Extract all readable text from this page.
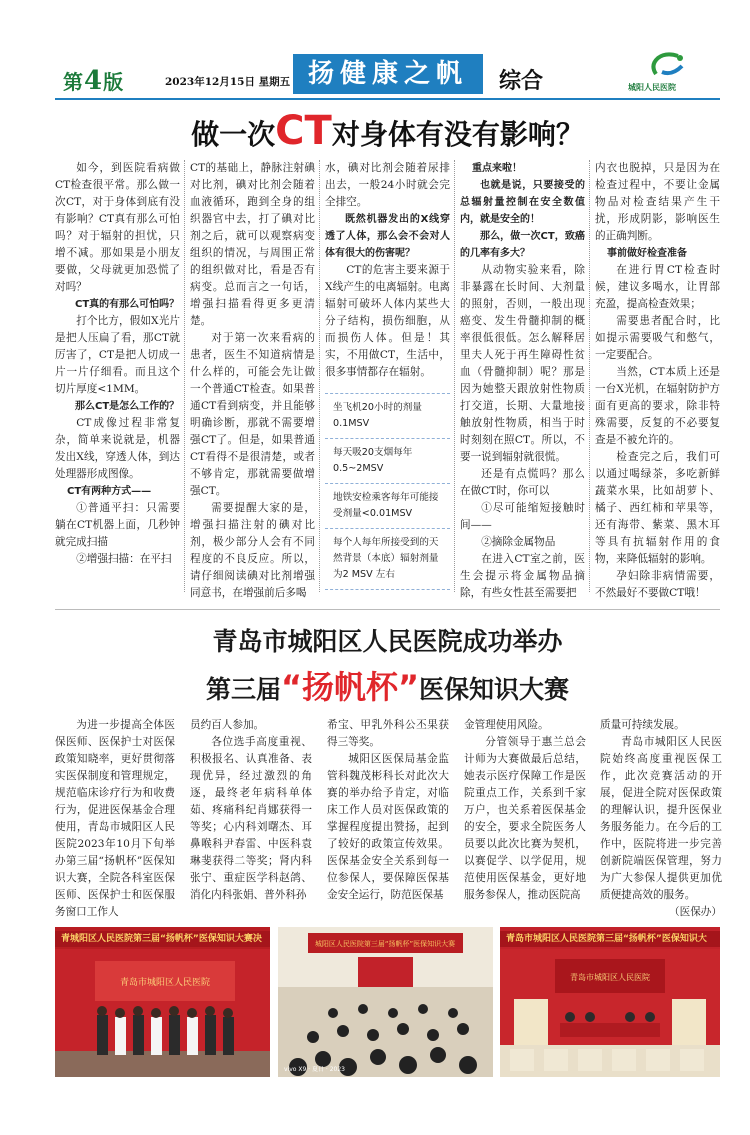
第4版	2023年12月15日 星期五 扬健康之帆	综合	城阳人民医院
做一次CT对身体有没有影响？

如今，到医院看病做CT检查很平常。那么做一次CT，对于身体到底有没有影响？CT真有那么可怕吗？对于辐射的担忧，只增不减。那如果是小朋友要做，父母就更加恐慌了对吗？

CT真的有那么可怕吗？

打个比方，假如X光片是把人压扁了看，那CT就厉害了，CT是把人切成一片一片仔细看。而且这个切片厚度<1MM。

那么CT是怎么工作的？

CT成像过程非常复杂，简单来说就是，机器发出X线，穿透人体，到达处理器形成图像。

CT有两种方式——

①普通平扫：只需要躺在CT机器上面，几秒钟就完成扫描

②增强扫描：在平扫

CT的基础上，静脉注射碘对比剂，碘对比剂会随着血液循环，跑到全身的组织器官中去，打了碘对比剂之后，就可以观察病变组织的情况，与周围正常的组织做对比，看是否有病变。总而言之一句话，增强扫描看得更多更清楚。

对于第一次来看病的患者，医生不知道病情是什么样的，可能会先让做一个普通CT检查。如果普通CT看到病变，并且能够明确诊断，那就不需要增强CT了。但是，如果普通CT看得不是很清楚，或者不够肯定，那就需要做增强CT。

需要提醒大家的是，增强扫描注射的碘对比剂，极少部分人会有不同程度的不良反应。所以，请仔细阅读碘对比剂增强同意书，在增强前后多喝

水，碘对比剂会随着尿排出去，一般24小时就会完全排空。

既然机器发出的X线穿透了人体，那么会不会对人体有很大的伤害呢？

CT的危害主要来源于X线产生的电离辐射。电离辐射可破坏人体内某些大分子结构，损伤细胞，从而损伤人体。但是！其实，不用做CT，生活中，很多事情都存在辐射。

坐飞机20小时的剂量0.1MSV
每天吸20支烟每年0.5~2MSV
地铁安检乘客每年可能接受剂量<0.01MSV
每个人每年所接受到的天然背景（本底）辐射剂量为2 MSV 左右

重点来啦！

也就是说，只要接受的总辐射量控制在安全数值内，就是安全的！

那么，做一次CT，致癌的几率有多大？

从动物实验来看，除非暴露在长时间、大剂量的照射，否则，一般出现癌变、发生骨髓抑制的概率很低很低。怎么解释居里夫人死于再生障碍性贫血（骨髓抑制）呢？那是因为她整天跟放射性物质打交道，长期、大量地接触放射性物质，相当于时时刻刻在照CT。所以，不要一说到辐射就很慌。

还是有点慌吗？那么在做CT时，你可以

①尽可能缩短接触时间——

②摘除金属物品

在进入CT室之前，医生会提示将金属物品摘除，有些女性甚至需要把

内衣也脱掉，只是因为在检查过程中，不要让金属物品对检查结果产生干扰，形成阴影，影响医生的正确判断。

事前做好检查准备

在进行胃CT检查时候，建议多喝水，让胃部充盈，提高检查效果；

需要患者配合时，比如提示需要吸气和憋气，一定要配合。

当然，CT本质上还是一台X光机，在辐射防护方面有更高的要求，除非特殊需要，反复的不必要复查是不被允许的。

检查完之后，我们可以通过喝绿茶，多吃新鲜蔬菜水果，比如胡萝卜、橘子、西红柿和苹果等，还有海带、紫菜、黑木耳等具有抗辐射作用的食物，来降低辐射的影响。

孕妇除非病情需要，不然最好不要做CT哦！

青岛市城阳区人民医院成功举办
第三届“扬帆杯”医保知识大赛

为进一步提高全体医保医师、医保护士对医保政策知晓率，更好贯彻落实医保制度和管理规定，规范临床诊疗行为和收费行为，促进医保基金合理使用，青岛市城阳区人民医院2023年10月下旬举办第三届“扬帆杯”医保知识大赛，全院各科室医保医师、医保护士和医保服务窗口工作人

员约百人参加。

各位选手高度重视、积极报名、认真准备、表现优异，经过激烈的角逐，最终老年病科单体茹、疼痛科纪肖娜获得一等奖；心内科刘曙杰、耳鼻喉科尹春雷、中医科袁琳斐获得二等奖；肾内科张宁、重症医学科赵鸽、消化内科张娟、普外科孙

希宝、甲乳外科公丕果获得三等奖。

城阳区医保局基金监管科魏茂彬科长对此次大赛的举办给予肯定，对临床工作人员对医保政策的掌握程度提出赞扬，起到了较好的政策宣传效果。医保基金安全关系到每一位参保人，要保障医保基金安全运行，防范医保基

金管理使用风险。

分管领导于惠兰总会计师为大赛做最后总结，她表示医疗保障工作是医院重点工作，关系到千家万户，也关系着医保基金的安全，要求全院医务人员要以此次比赛为契机，以赛促学、以学促用，规范使用医保基金，更好地服务参保人，推动医院高

质量可持续发展。

青岛市城阳区人民医院始终高度重视医保工作，此次竞赛活动的开展，促进全院对医保政策的理解认识，提升医保业务服务能力。在今后的工作中，医院将进一步完善创新院端医保管理，努力为广大参保人提供更加优质便捷高效的服务。

（医保办）

青城阳区人民医院第三届“扬帆杯”医保知识大赛决
青岛市城阳区人民医院
城阳区人民医院第三届“扬帆杯”医保知识大赛
vivo X9 · 夏日 · 2023
青岛市城阳区人民医院第三届“扬帆杯”医保知识大
青岛市城阳区人民医院
